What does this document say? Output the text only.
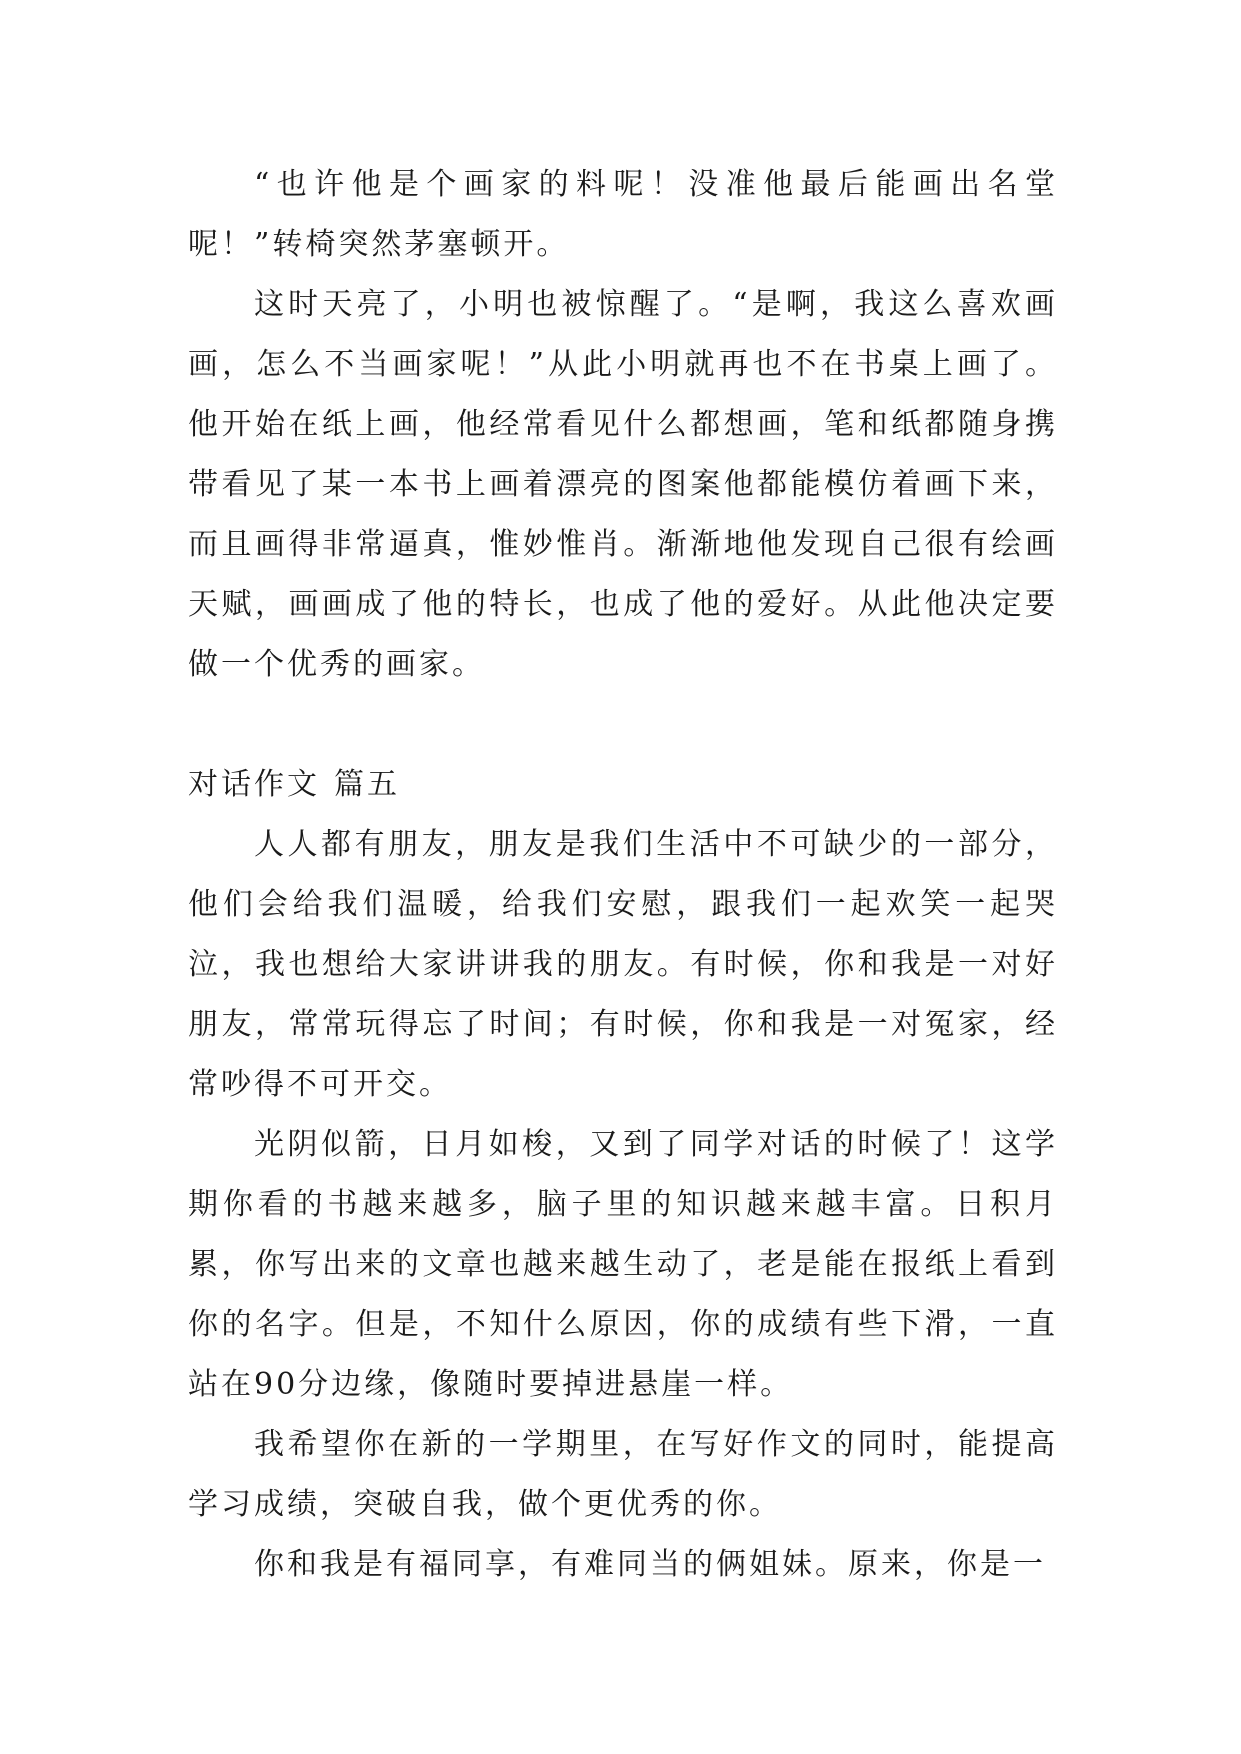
“也许他是个画家的料呢！没准他最后能画出名堂呢！”转椅突然茅塞顿开。

这时天亮了，小明也被惊醒了。“是啊，我这么喜欢画画，怎么不当画家呢！”从此小明就再也不在书桌上画了。他开始在纸上画，他经常看见什么都想画，笔和纸都随身携带看见了某一本书上画着漂亮的图案他都能模仿着画下来，而且画得非常逼真，惟妙惟肖。渐渐地他发现自己很有绘画天赋，画画成了他的特长，也成了他的爱好。从此他决定要做一个优秀的画家。

对话作文 篇五

人人都有朋友，朋友是我们生活中不可缺少的一部分，他们会给我们温暖，给我们安慰，跟我们一起欢笑一起哭泣，我也想给大家讲讲我的朋友。有时候，你和我是一对好朋友，常常玩得忘了时间；有时候，你和我是一对冤家，经常吵得不可开交。

光阴似箭，日月如梭，又到了同学对话的时候了！这学期你看的书越来越多，脑子里的知识越来越丰富。日积月累，你写出来的文章也越来越生动了，老是能在报纸上看到你的名字。但是，不知什么原因，你的成绩有些下滑，一直站在90分边缘，像随时要掉进悬崖一样。

我希望你在新的一学期里，在写好作文的同时，能提高学习成绩，突破自我，做个更优秀的你。

你和我是有福同享，有难同当的俩姐妹。原来，你是一
